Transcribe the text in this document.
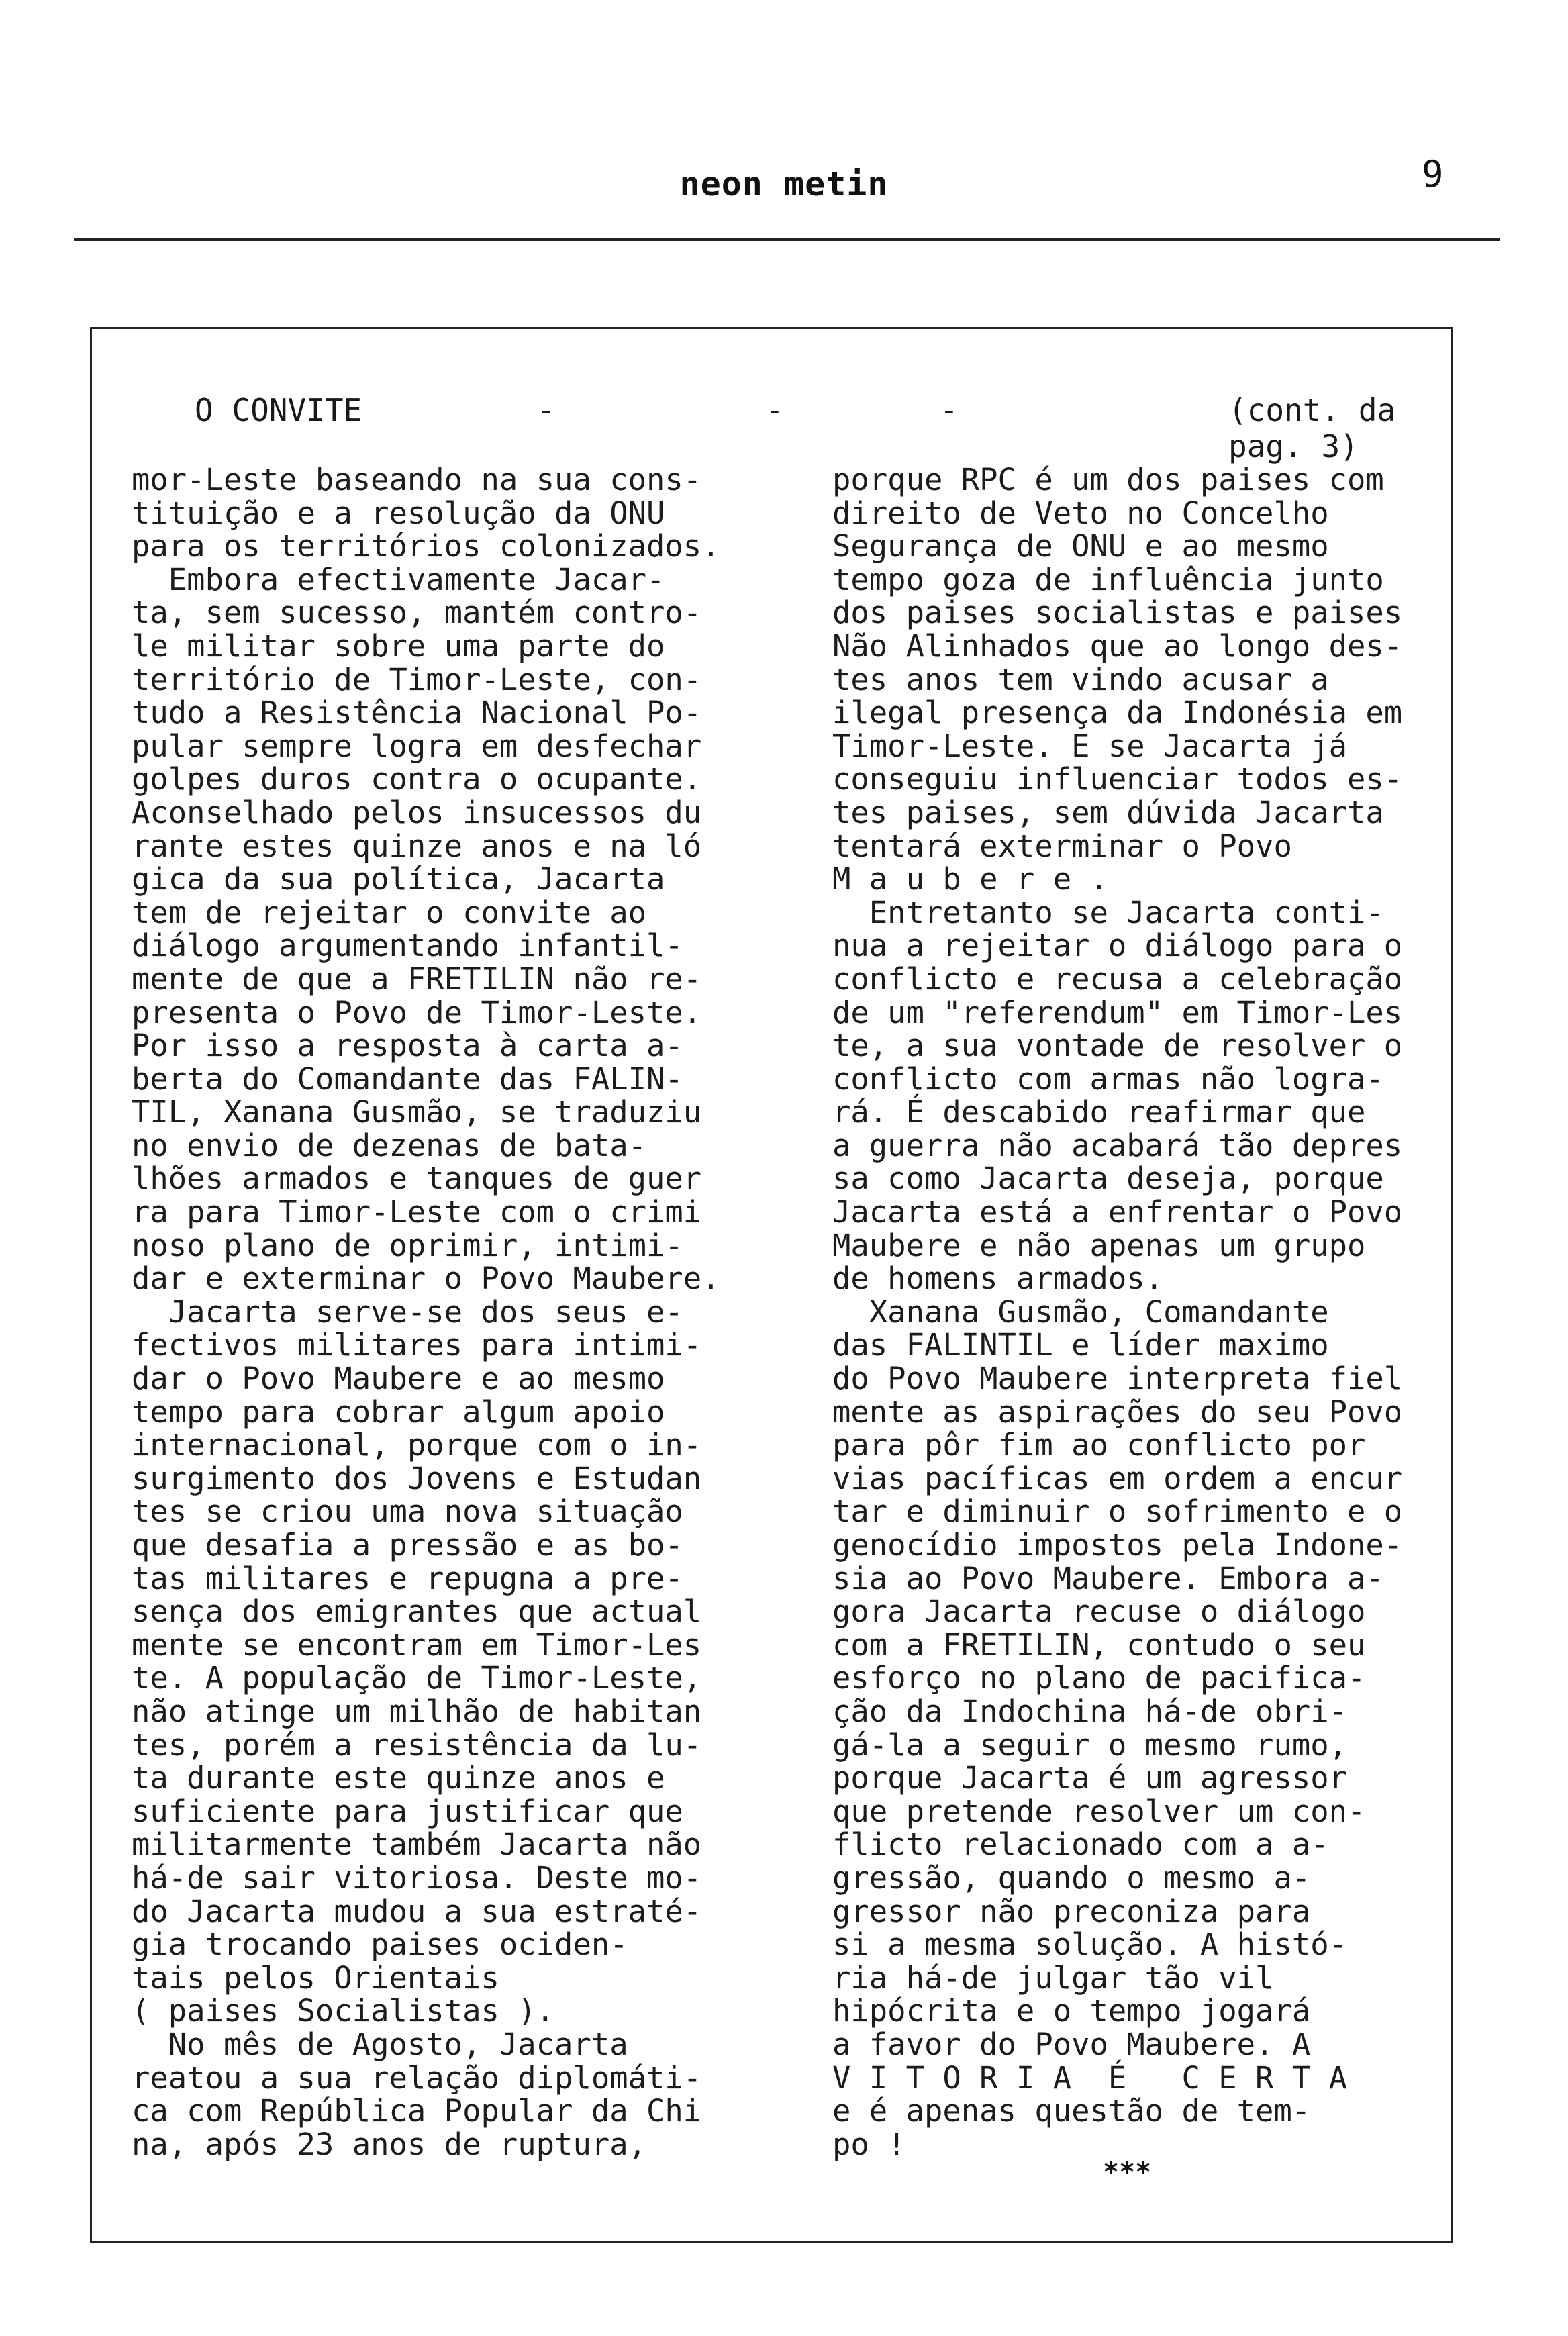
neon metin	9
O CONVITE	-	-	-	(cont. da pag. 3)
mor-Leste baseando na sua cons-
tituição e a resolução da ONU
para os territórios colonizados.
Embora efectivamente Jacar-
ta, sem sucesso, mantém contro-
le militar sobre uma parte do
território de Timor-Leste, con-
tudo a Resistência Nacional Po-
pular sempre logra em desfechar
golpes duros contra o ocupante.
Aconselhado pelos insucessos du
rante estes quinze anos e na ló
gica da sua política, Jacarta
tem de rejeitar o convite ao
diálogo argumentando infantil-
mente de que a FRETILIN não re-
presenta o Povo de Timor-Leste.
Por isso a resposta à carta a-
berta do Comandante das FALIN-
TIL, Xanana Gusmão, se traduziu
no envio de dezenas de bata-
lhões armados e tanques de guer
ra para Timor-Leste com o crimi
noso plano de oprimir, intimi-
dar e exterminar o Povo Maubere.
Jacarta serve-se dos seus e-
fectivos militares para intimi-
dar o Povo Maubere e ao mesmo
tempo para cobrar algum apoio
internacional, porque com o in-
surgimento dos Jovens e Estudan
tes se criou uma nova situação
que desafia a pressão e as bo-
tas militares e repugna a pre-
sença dos emigrantes que actual
mente se encontram em Timor-Les
te. A população de Timor-Leste,
não atinge um milhão de habitan
tes, porém a resistência da lu-
ta durante este quinze anos e
suficiente para justificar que
militarmente também Jacarta não
há-de sair vitoriosa. Deste mo-
do Jacarta mudou a sua estraté-
gia trocando paises ociden-
tais pelos Orientais
( paises Socialistas ).
No mês de Agosto, Jacarta
reatou a sua relação diplomáti-
ca com República Popular da Chi
na, após 23 anos de ruptura,
porque RPC é um dos paises com
direito de Veto no Concelho
Segurança de ONU e ao mesmo
tempo goza de influência junto
dos paises socialistas e paises
Não Alinhados que ao longo des-
tes anos tem vindo acusar a
ilegal presença da Indonésia em
Timor-Leste. E se Jacarta já
conseguiu influenciar todos es-
tes paises, sem dúvida Jacarta
tentará exterminar o Povo
M a u b e r e .
Entretanto se Jacarta conti-
nua a rejeitar o diálogo para o
conflicto e recusa a celebração
de um "referendum" em Timor-Les
te, a sua vontade de resolver o
conflicto com armas não logra-
rá. É descabido reafirmar que
a guerra não acabará tão depres
sa como Jacarta deseja, porque
Jacarta está a enfrentar o Povo
Maubere e não apenas um grupo
de homens armados.
Xanana Gusmão, Comandante
das FALINTIL e líder maximo
do Povo Maubere interpreta fiel
mente as aspirações do seu Povo
para pôr fim ao conflicto por
vias pacíficas em ordem a encur
tar e diminuir o sofrimento e o
genocídio impostos pela Indone-
sia ao Povo Maubere. Embora a-
gora Jacarta recuse o diálogo
com a FRETILIN, contudo o seu
esforço no plano de pacifica-
ção da Indochina há-de obri-
gá-la a seguir o mesmo rumo,
porque Jacarta é um agressor
que pretende resolver um con-
flicto relacionado com a a-
gressão, quando o mesmo a-
gressor não preconiza para
si a mesma solução. A histó-
ria há-de julgar tão vil
hipócrita e o tempo jogará
a favor do Povo Maubere. A
V I T O R I A  É   C E R T A
e é apenas questão de tem-
po !
***
